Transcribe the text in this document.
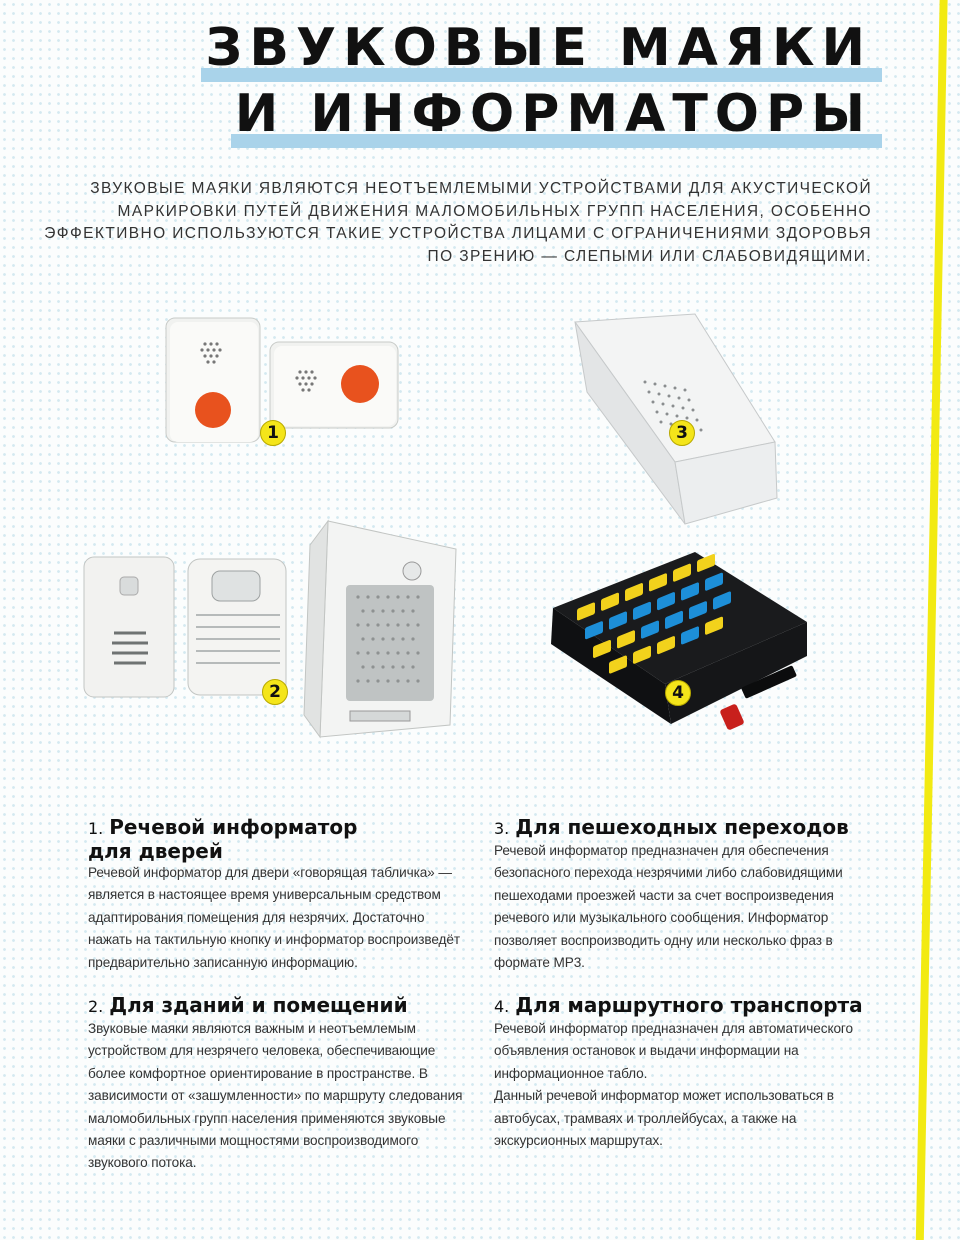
ЗВУКОВЫЕ МАЯКИ
И ИНФОРМАТОРЫ
ЗВУКОВЫЕ МАЯКИ ЯВЛЯЮТСЯ НЕОТЪЕМЛЕМЫМИ УСТРОЙСТВАМИ ДЛЯ АКУСТИЧЕСКОЙ МАРКИРОВКИ ПУТЕЙ ДВИЖЕНИЯ МАЛОМОБИЛЬНЫХ ГРУПП НАСЕЛЕНИЯ, ОСОБЕННО ЭФФЕКТИВНО ИСПОЛЬЗУЮТСЯ ТАКИЕ УСТРОЙСТВА ЛИЦАМИ С ОГРАНИЧЕНИЯМИ ЗДОРОВЬЯ ПО ЗРЕНИЮ — СЛЕПЫМИ ИЛИ СЛАБОВИДЯЩИМИ.
1	3
2	4
1. Речевой информатор
для дверей

Речевой информатор для двери «говорящая табличка» — является в настоящее время универсальным средством адаптирования помещения для незрячих. Достаточно нажать на тактильную кнопку и информатор воспроизведёт предварительно записанную информацию.

2. Для зданий и помещений

Звуковые маяки являются важным и неотъемлемым устройством для незрячего человека, обеспечивающие более комфортное ориентирование в пространстве. В зависимости от «зашумленности» по маршруту следования маломобильных групп населения применяются звуковые маяки с различными мощностями воспроизводимого звукового потока.

3. Для пешеходных переходов

Речевой информатор предназначен для обеспечения безопасного перехода незрячими либо слабовидящими пешеходами проезжей части за счет воспроизведения речевого или музыкального сообщения. Информатор позволяет воспроизводить одну или несколько фраз в формате MP3.

4. Для маршрутного транспорта

Речевой информатор предназначен для автоматического объявления остановок и выдачи информации на информационное табло.

Данный речевой информатор может использоваться в автобусах, трамваях и троллейбусах, а также на экскурсионных маршрутах.
